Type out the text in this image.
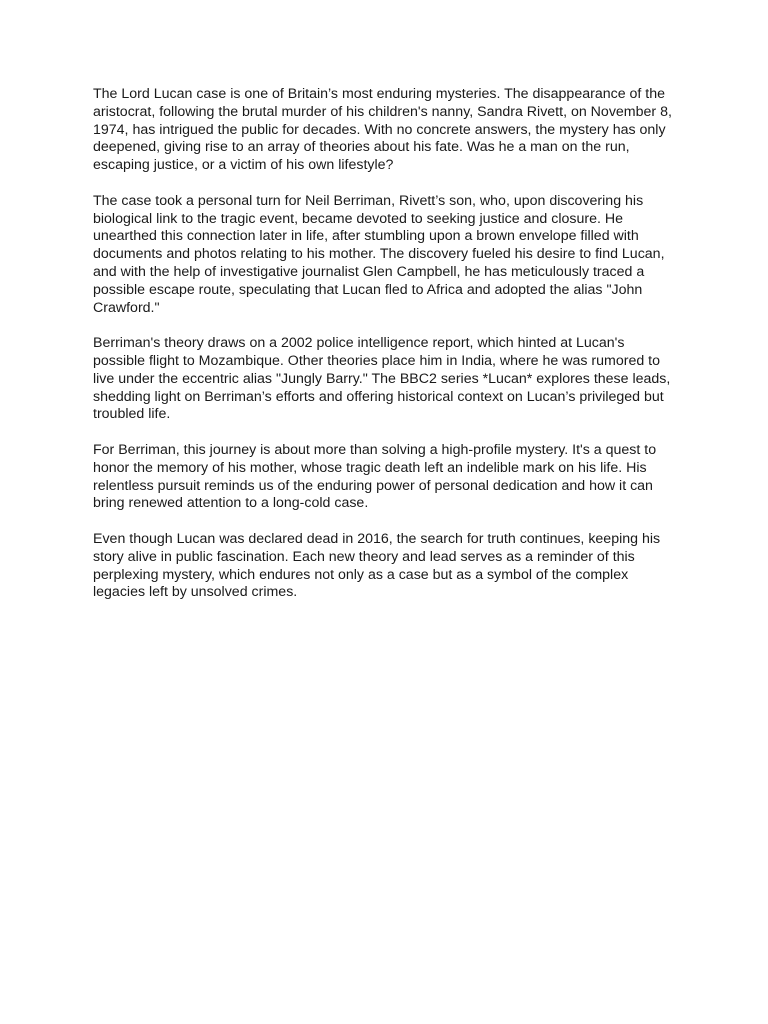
The Lord Lucan case is one of Britain’s most enduring mysteries. The disappearance of the aristocrat, following the brutal murder of his children's nanny, Sandra Rivett, on November 8, 1974, has intrigued the public for decades. With no concrete answers, the mystery has only deepened, giving rise to an array of theories about his fate. Was he a man on the run, escaping justice, or a victim of his own lifestyle?

The case took a personal turn for Neil Berriman, Rivett’s son, who, upon discovering his biological link to the tragic event, became devoted to seeking justice and closure. He unearthed this connection later in life, after stumbling upon a brown envelope filled with documents and photos relating to his mother. The discovery fueled his desire to find Lucan, and with the help of investigative journalist Glen Campbell, he has meticulously traced a possible escape route, speculating that Lucan fled to Africa and adopted the alias "John Crawford."

Berriman's theory draws on a 2002 police intelligence report, which hinted at Lucan's possible flight to Mozambique. Other theories place him in India, where he was rumored to live under the eccentric alias "Jungly Barry." The BBC2 series *Lucan* explores these leads, shedding light on Berriman’s efforts and offering historical context on Lucan’s privileged but troubled life.

For Berriman, this journey is about more than solving a high-profile mystery. It's a quest to honor the memory of his mother, whose tragic death left an indelible mark on his life. His relentless pursuit reminds us of the enduring power of personal dedication and how it can bring renewed attention to a long-cold case.

Even though Lucan was declared dead in 2016, the search for truth continues, keeping his story alive in public fascination. Each new theory and lead serves as a reminder of this perplexing mystery, which endures not only as a case but as a symbol of the complex legacies left by unsolved crimes.
